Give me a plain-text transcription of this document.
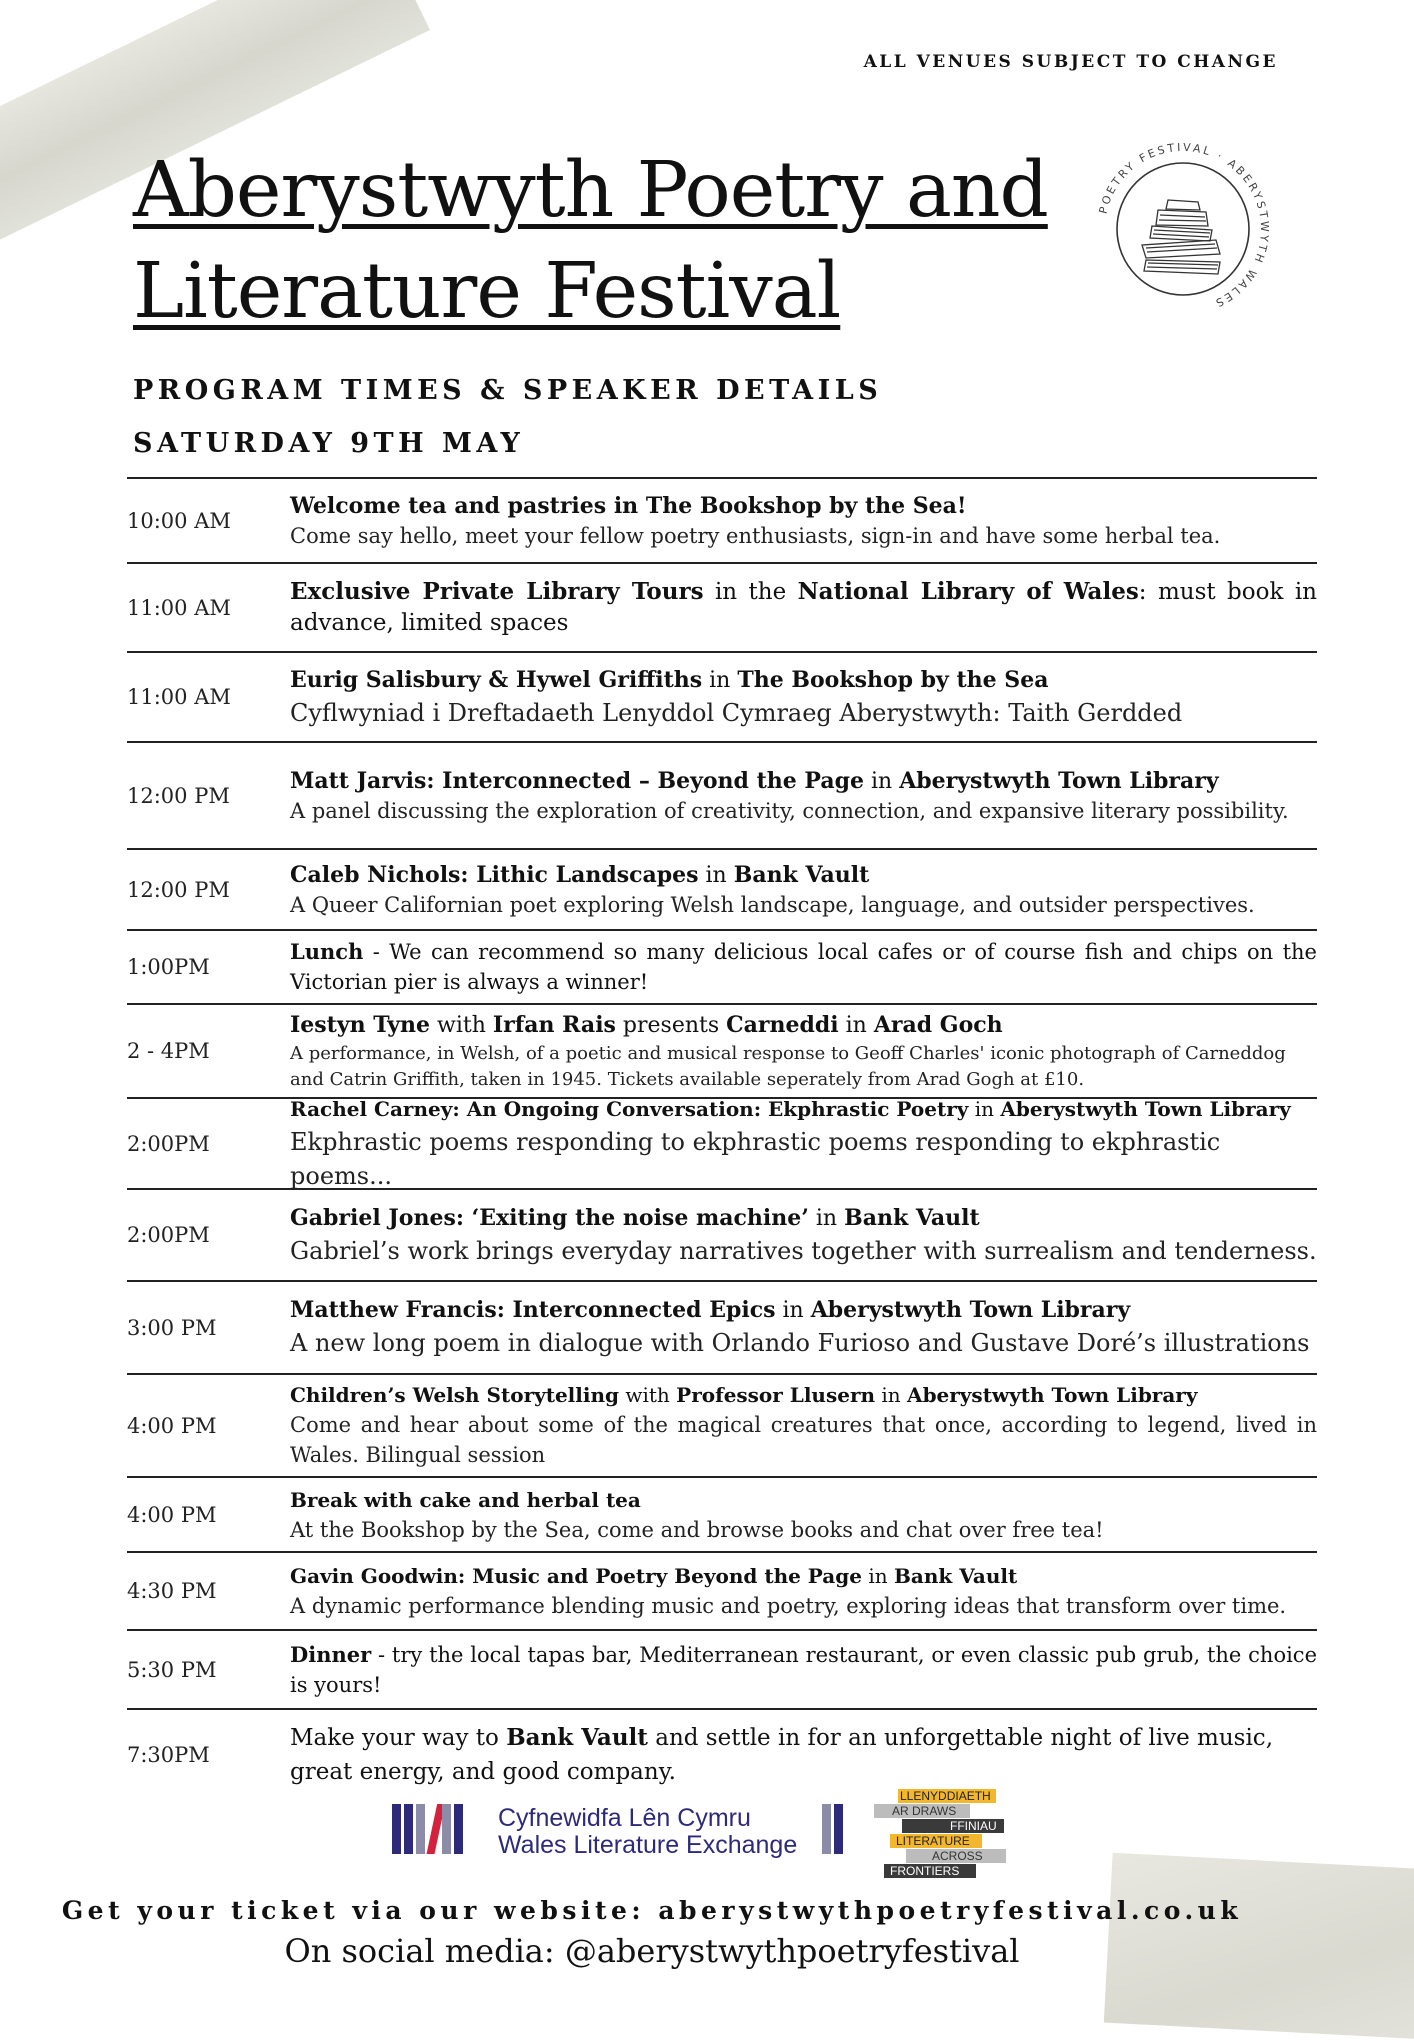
ALL VENUES SUBJECT TO CHANGE
Aberystwyth Poetry and
Literature Festival
POETRY FESTIVAL · ABERYSTWYTH WALES
PROGRAM TIMES & SPEAKER DETAILS
SATURDAY 9TH MAY
10:00 AM
Welcome tea and pastries in The Bookshop by the Sea!
Come say hello, meet your fellow poetry enthusiasts, sign-in and have some herbal tea.
11:00 AM
Exclusive Private Library Tours in the National Library of Wales: must book in advance, limited spaces
11:00 AM
Eurig Salisbury & Hywel Griffiths in The Bookshop by the Sea
Cyflwyniad i Dreftadaeth Lenyddol Cymraeg Aberystwyth: Taith Gerdded
12:00 PM
Matt Jarvis: Interconnected – Beyond the Page in Aberystwyth Town Library
A panel discussing the exploration of creativity, connection, and expansive literary possibility.
12:00 PM
Caleb Nichols: Lithic Landscapes in Bank Vault
A Queer Californian poet exploring Welsh landscape, language, and outsider perspectives.
1:00PM
Lunch - We can recommend so many delicious local cafes or of course fish and chips on the Victorian pier is always a winner!
2 - 4PM
Iestyn Tyne with Irfan Rais presents Carneddi in Arad Goch
A performance, in Welsh, of a poetic and musical response to Geoff Charles' iconic photograph of Carneddog and Catrin Griffith, taken in 1945. Tickets available seperately from Arad Gogh at £10.
2:00PM
Rachel Carney: An Ongoing Conversation: Ekphrastic Poetry in Aberystwyth Town Library
Ekphrastic poems responding to ekphrastic poems responding to ekphrastic poems...
2:00PM
Gabriel Jones: ‘Exiting the noise machine’ in Bank Vault
Gabriel’s work brings everyday narratives together with surrealism and tenderness.
3:00 PM
Matthew Francis: Interconnected Epics in Aberystwyth Town Library
A new long poem in dialogue with Orlando Furioso and Gustave Doré’s illustrations
4:00 PM
Children’s Welsh Storytelling with Professor Llusern in Aberystwyth Town Library
Come and hear about some of the magical creatures that once, according to legend, lived in Wales. Bilingual session
4:00 PM
Break with cake and herbal tea
At the Bookshop by the Sea, come and browse books and chat over free tea!
4:30 PM
Gavin Goodwin: Music and Poetry Beyond the Page in Bank Vault
A dynamic performance blending music and poetry, exploring ideas that transform over time.
5:30 PM
Dinner - try the local tapas bar, Mediterranean restaurant, or even classic pub grub, the choice is yours!
7:30PM
Make your way to Bank Vault and settle in for an unforgettable night of live music, great energy, and good company.
Cyfnewidfa Lên Cymru
Wales Literature Exchange
LLENYDDIAETH
AR DRAWS
FFINIAU
LITERATURE
ACROSS
FRONTIERS

Get your ticket via our website: aberystwythpoetryfestival.co.uk

On social media: @aberystwythpoetryfestival
